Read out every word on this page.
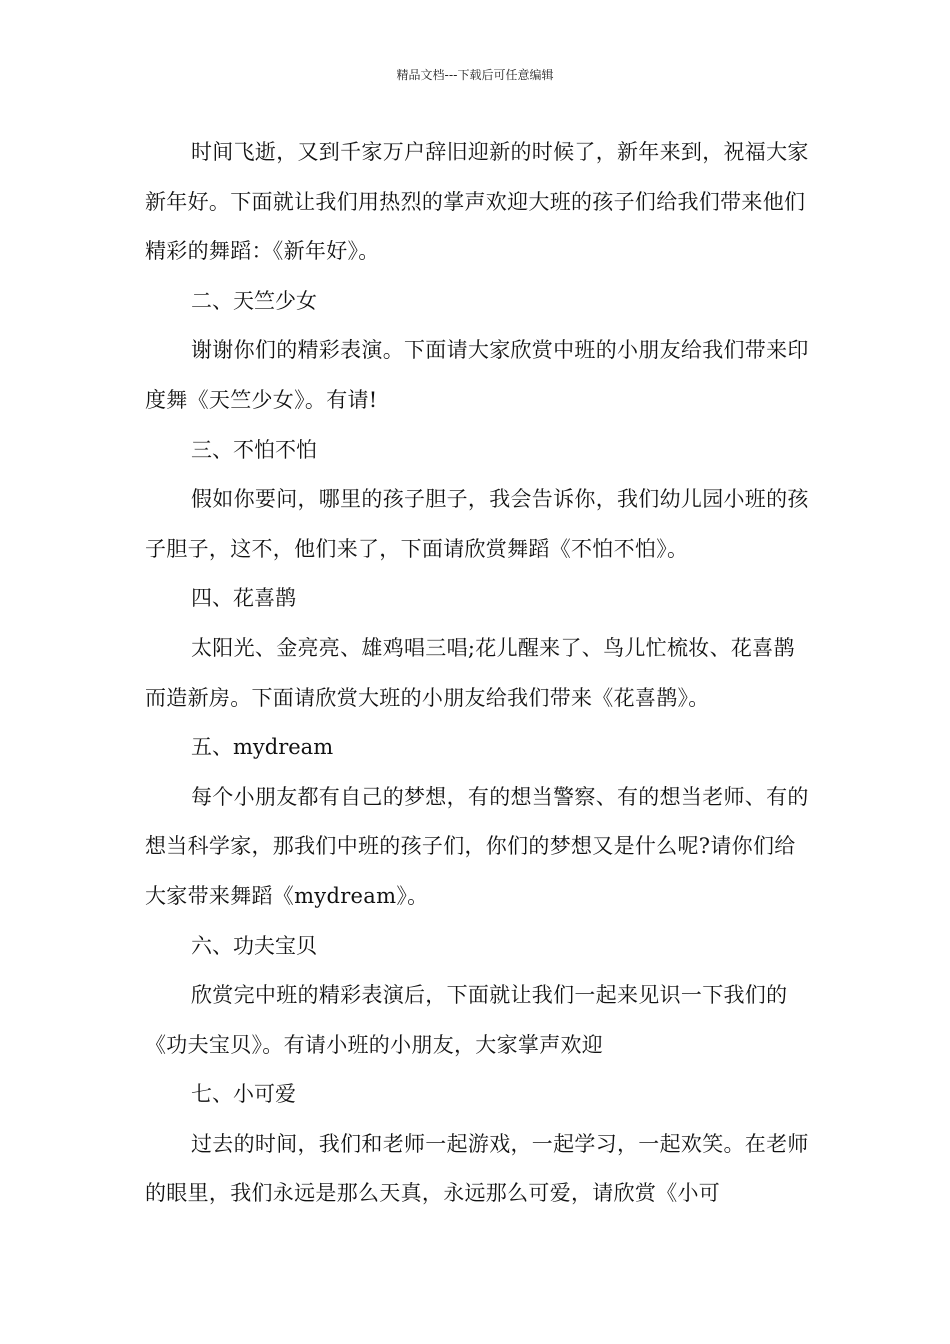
精品文档---下载后可任意编辑

时间飞逝，又到千家万户辞旧迎新的时候了，新年来到，祝福大家新年好。下面就让我们用热烈的掌声欢迎大班的孩子们给我们带来他们精彩的舞蹈：《新年好》。

二、天竺少女

谢谢你们的精彩表演。下面请大家欣赏中班的小朋友给我们带来印度舞《天竺少女》。有请!

三、不怕不怕

假如你要问，哪里的孩子胆子，我会告诉你，我们幼儿园小班的孩子胆子，这不，他们来了，下面请欣赏舞蹈《不怕不怕》。

四、花喜鹊

太阳光、金亮亮、雄鸡唱三唱;花儿醒来了、鸟儿忙梳妆、花喜鹊而造新房。下面请欣赏大班的小朋友给我们带来《花喜鹊》。

五、mydream

每个小朋友都有自己的梦想，有的想当警察、有的想当老师、有的想当科学家，那我们中班的孩子们，你们的梦想又是什么呢?请你们给大家带来舞蹈《mydream》。

六、功夫宝贝

欣赏完中班的精彩表演后，下面就让我们一起来见识一下我们的《功夫宝贝》。有请小班的小朋友，大家掌声欢迎

七、小可爱

过去的时间，我们和老师一起游戏，一起学习，一起欢笑。在老师的眼里，我们永远是那么天真，永远那么可爱，请欣赏《小可
